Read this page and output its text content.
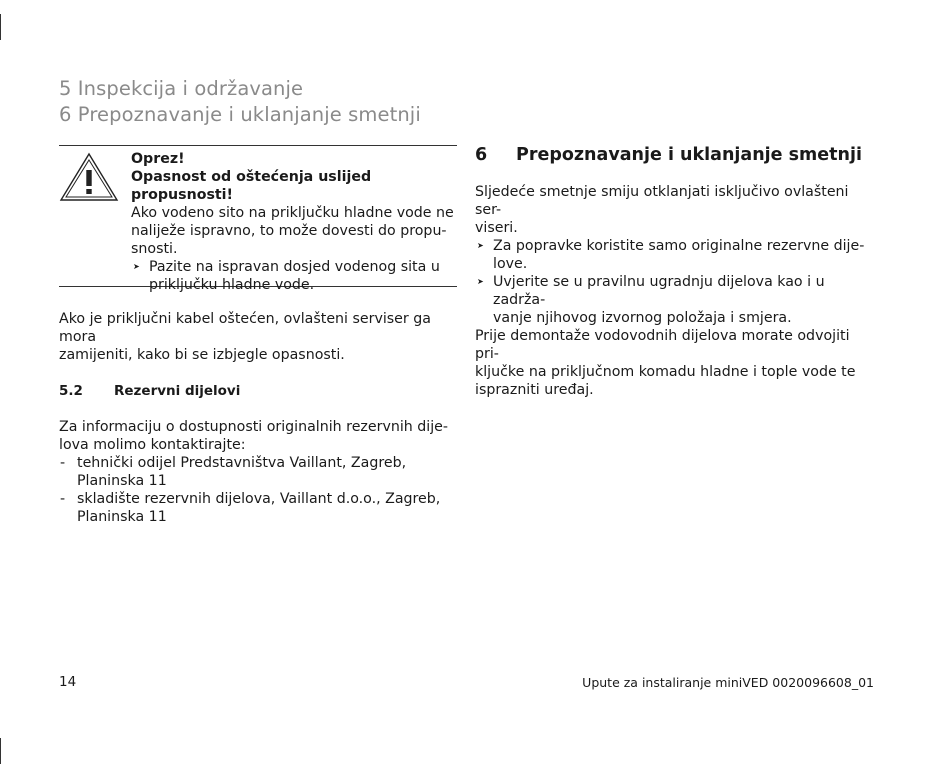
5 Inspekcija i održavanje
6 Prepoznavanje i uklanjanje smetnji
Oprez!
Opasnost od oštećenja uslijed propusnosti!
Ako vodeno sito na priključku hladne vode ne
naliježe ispravno, to može dovesti do propu-
snosti.
➤ Pazite na ispravan dosjed vodenog sita u
priključku hladne vode.
Ako je priključni kabel oštećen, ovlašteni serviser ga mora
zamijeniti, kako bi se izbjegle opasnosti.
5.2 Rezervni dijelovi
Za informaciju o dostupnosti originalnih rezervnih dije-
lova molimo kontaktirajte:
- tehnički odijel Predstavništva Vaillant, Zagreb,
Planinska 11
- skladište rezervnih dijelova, Vaillant d.o.o., Zagreb,
Planinska 11
6 Prepoznavanje i uklanjanje smetnji
Sljedeće smetnje smiju otklanjati isključivo ovlašteni ser-
viseri.
➤ Za popravke koristite samo originalne rezervne dije-
love.
➤ Uvjerite se u pravilnu ugradnju dijelova kao i u zadrža-
vanje njihovog izvornog položaja i smjera.
Prije demontaže vodovodnih dijelova morate odvojiti pri-
ključke na priključnom komadu hladne i tople vode te
isprazniti uređaj.
14	Upute za instaliranje miniVED 0020096608_01
